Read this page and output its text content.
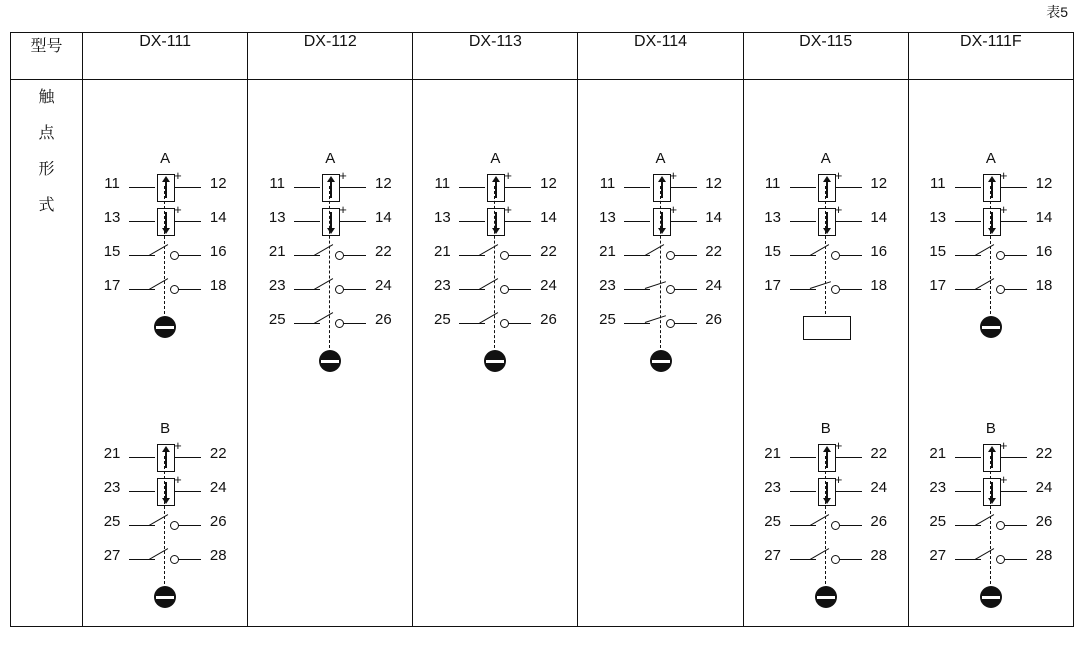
表5
型号	DX-111	DX-112	DX-113	DX-114	DX-115	DX-111F

触
点
形
式

A
11	12
+
13	14
+
15	16
17	18
B
21	22
+
23	24
+
25	26
27	28

A
11	12
+
13	14
+
21	22
23	24
25	26

A
11	12
+
13	14
+
21	22
23	24
25	26

A
11	12
+
13	14
+
21	22
23	24
25	26

A
11	12
+
13	14
+
15	16
17	18
B
21	22
+
23	24
+
25	26
27	28

A
11	12
+
13	14
+
15	16
17	18
B
21	22
+
23	24
+
25	26
27	28
